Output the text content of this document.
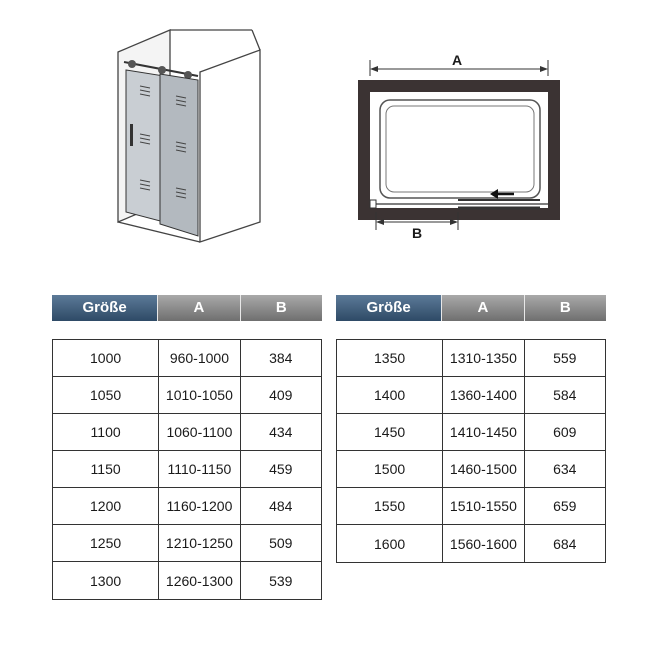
A
B
Größe	A	B
1000	960-1000	384
1050	1010-1050	409
1100	1060-1100	434
1150	1110-1150	459
1200	1160-1200	484
1250	1210-1250	509
1300	1260-1300	539
Größe	A	B
1350	1310-1350	559
1400	1360-1400	584
1450	1410-1450	609
1500	1460-1500	634
1550	1510-1550	659
1600	1560-1600	684
